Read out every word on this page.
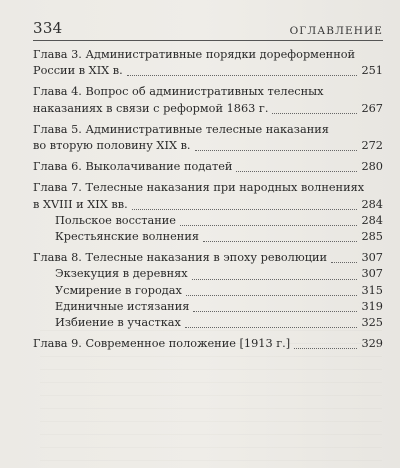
334	ОГЛАВЛЕНИЕ
Глава 3. Административные порядки дореформенной
России в XIX в.	251
Глава 4. Вопрос об административных телесных
наказаниях в связи с реформой 1863 г.	267
Глава 5. Административные телесные наказания
во вторую половину XIX в.	272
Глава 6. Выколачивание податей	280
Глава 7. Телесные наказания при народных волнениях
в XVIII и XIX вв.	284
Польское восстание	284
Крестьянские волнения	285
Глава 8. Телесные наказания в эпоху революции	307
Экзекуция в деревнях	307
Усмирение в городах	315
Единичные истязания	319
Избиение в участках	325
Глава 9. Современное положение [1913 г.]	329
